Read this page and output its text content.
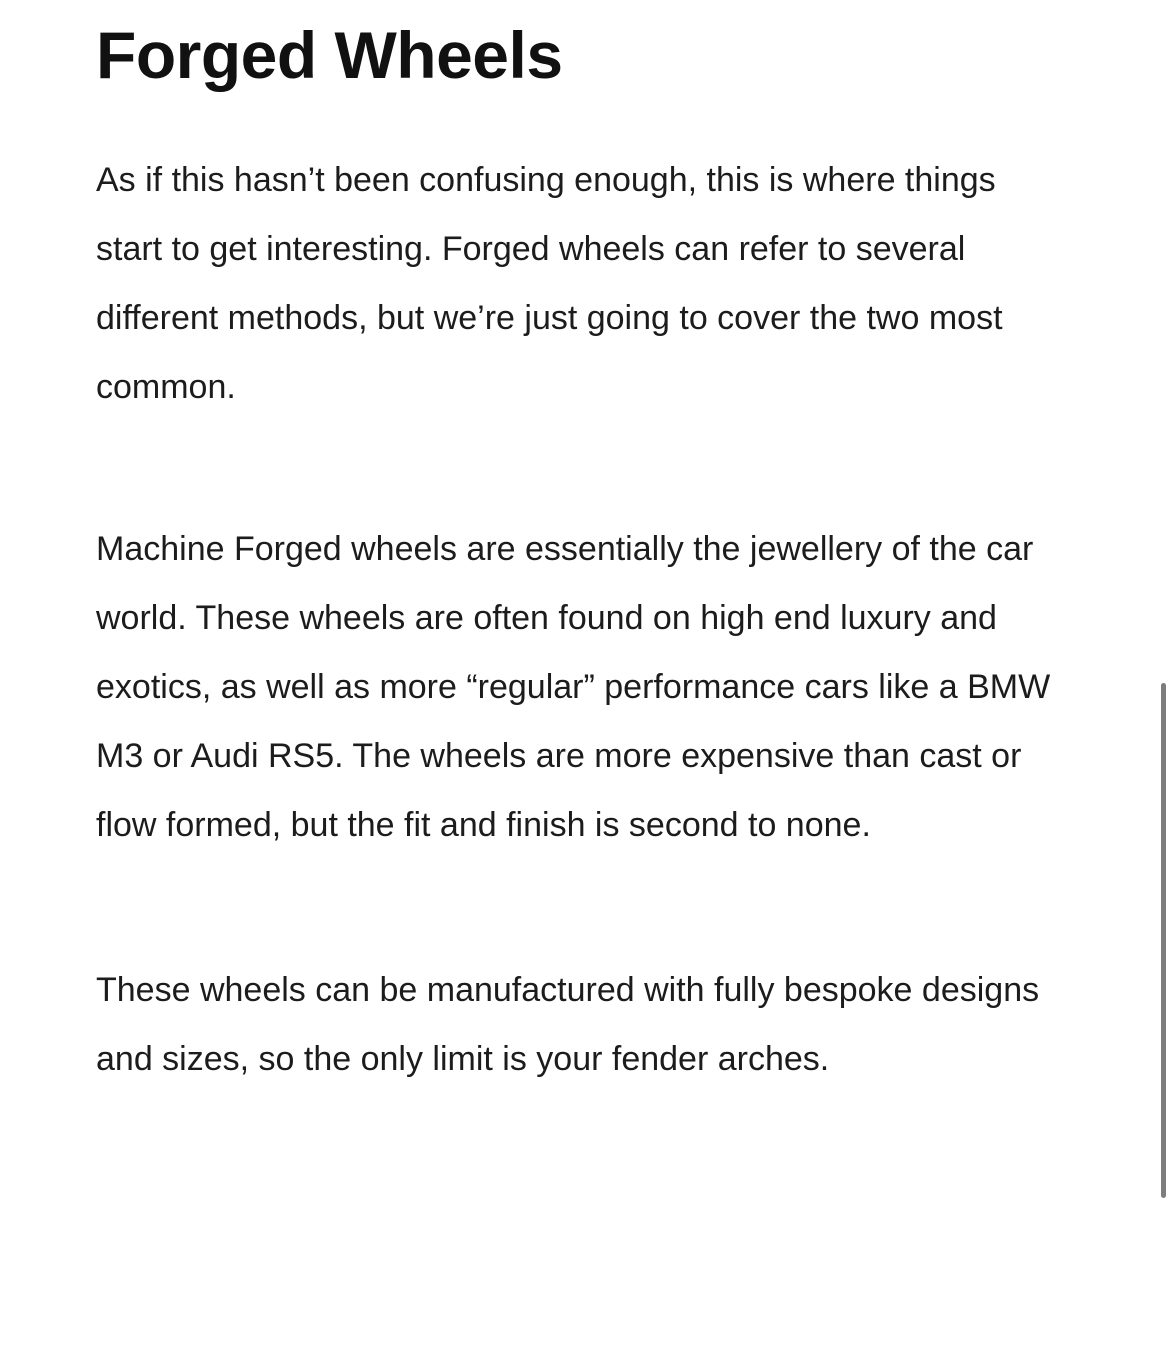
Forged Wheels

As if this hasn’t been confusing enough, this is where things start to get interesting. Forged wheels can refer to several different methods, but we’re just going to cover the two most common.

Machine Forged wheels are essentially the jewellery of the car world. These wheels are often found on high end luxury and exotics, as well as more “regular” performance cars like a BMW M3 or Audi RS5. The wheels are more expensive than cast or flow formed, but the fit and finish is second to none.

These wheels can be manufactured with fully bespoke designs and sizes, so the only limit is your fender arches.
